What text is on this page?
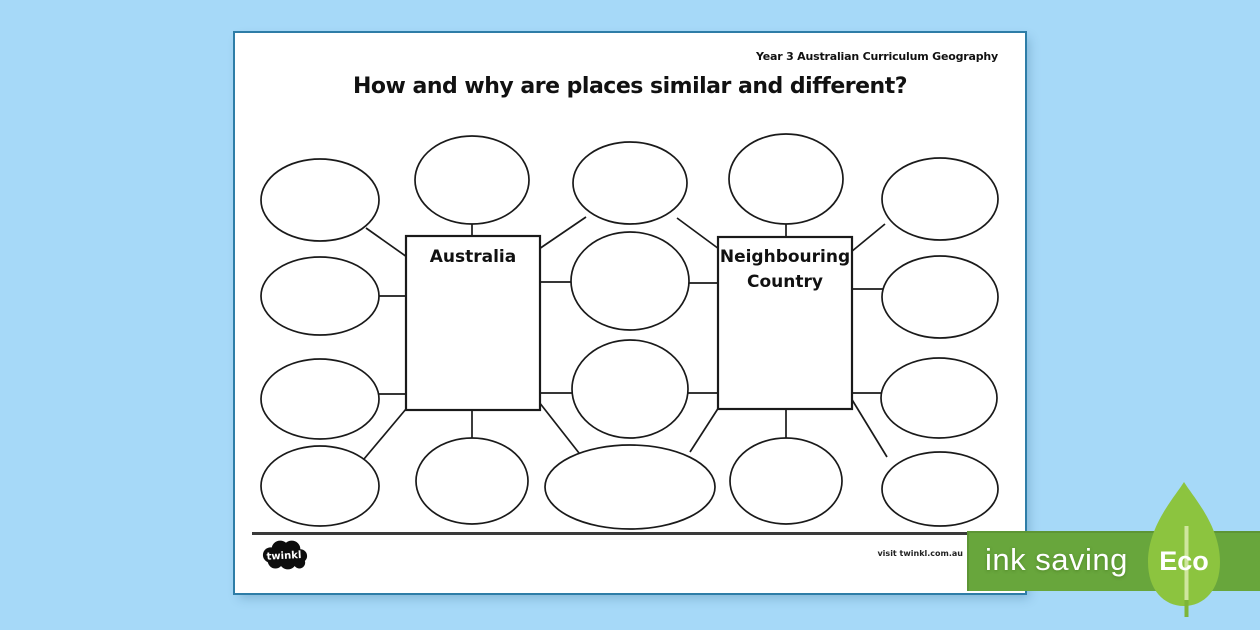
Year 3 Australian Curriculum Geography
How and why are places similar and different?
Australia	Neighbouring Country
twinkl	visit twinkl.com.au ink saving Eco
